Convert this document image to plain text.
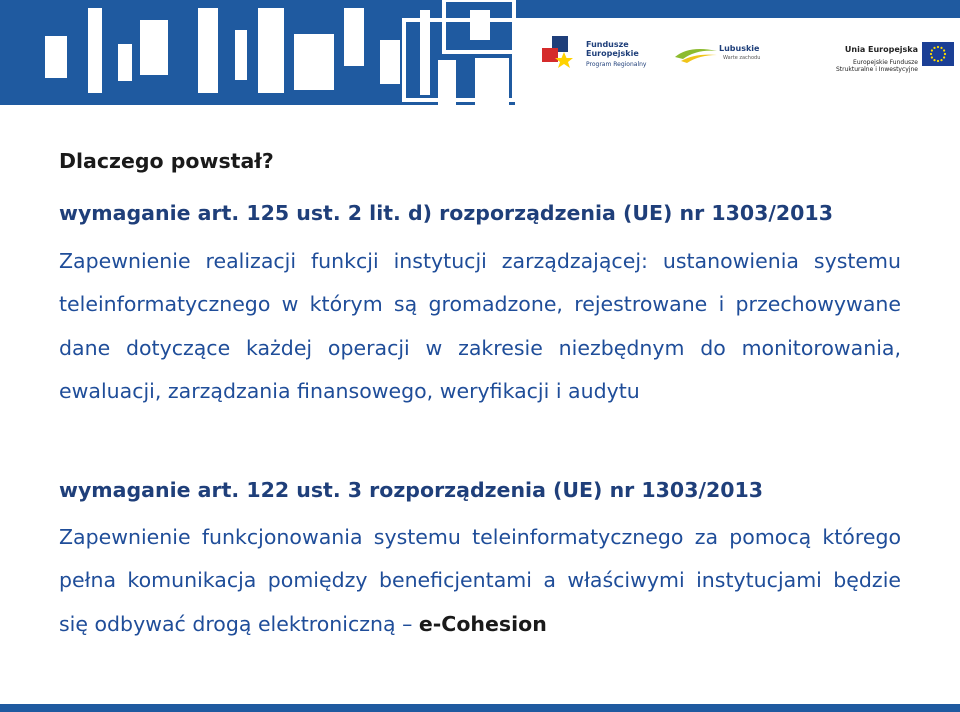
Fundusze
Europejskie
Program Regionalny
Lubuskie
Warte zachodu
Unia Europejska
Europejskie Fundusze
Strukturalne i Inwestycyjne

Dlaczego powstał?

wymaganie art. 125 ust. 2 lit. d) rozporządzenia (UE) nr 1303/2013

Zapewnienie realizacji funkcji instytucji zarządzającej: ustanowienia systemu

teleinformatycznego w którym są gromadzone, rejestrowane i przechowywane

dane dotyczące każdej operacji w zakresie niezbędnym do monitorowania,

ewaluacji, zarządzania finansowego, weryfikacji i audytu

wymaganie art. 122 ust. 3 rozporządzenia (UE) nr 1303/2013

Zapewnienie funkcjonowania systemu teleinformatycznego za pomocą którego

pełna komunikacja pomiędzy beneficjentami a właściwymi instytucjami będzie

się odbywać drogą elektroniczną – e-Cohesion
